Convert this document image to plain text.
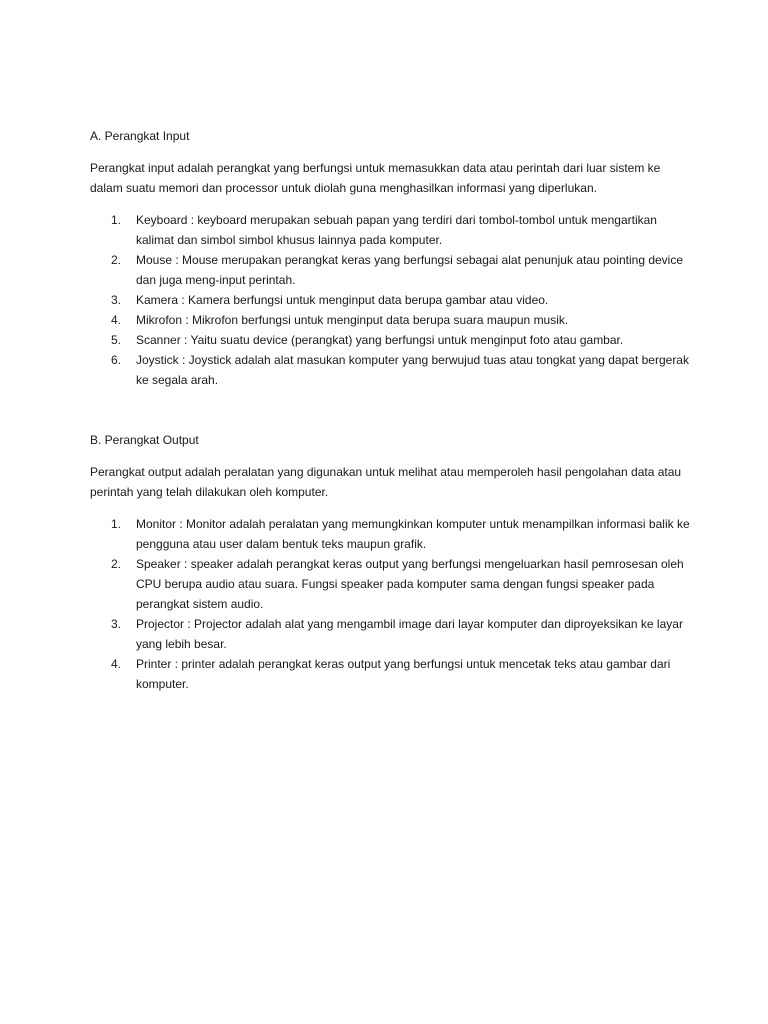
A. Perangkat Input

Perangkat input adalah perangkat yang berfungsi untuk memasukkan data atau perintah dari luar sistem ke dalam suatu memori dan processor untuk diolah guna menghasilkan informasi yang diperlukan.

1. Keyboard : keyboard merupakan sebuah papan yang terdiri dari tombol-tombol untuk mengartikan kalimat dan simbol simbol khusus lainnya pada komputer.
2. Mouse : Mouse merupakan perangkat keras yang berfungsi sebagai alat penunjuk atau pointing device dan juga meng-input perintah.
3. Kamera : Kamera berfungsi untuk menginput data berupa gambar atau video.
4. Mikrofon : Mikrofon berfungsi untuk menginput data berupa suara maupun musik.
5. Scanner : Yaitu suatu device (perangkat) yang berfungsi untuk menginput foto atau gambar.
6. Joystick : Joystick adalah alat masukan komputer yang berwujud tuas atau tongkat yang dapat bergerak ke segala arah.

B. Perangkat Output

Perangkat output adalah peralatan yang digunakan untuk melihat atau memperoleh hasil pengolahan data atau perintah yang telah dilakukan oleh komputer.

1. Monitor : Monitor adalah peralatan yang memungkinkan komputer untuk menampilkan informasi balik ke pengguna atau user dalam bentuk teks maupun grafik.
2. Speaker : speaker adalah perangkat keras output yang berfungsi mengeluarkan hasil pemrosesan oleh CPU berupa audio atau suara. Fungsi speaker pada komputer sama dengan fungsi speaker pada perangkat sistem audio.
3. Projector : Projector adalah alat yang mengambil image dari layar komputer dan diproyeksikan ke layar yang lebih besar.
4. Printer : printer adalah perangkat keras output yang berfungsi untuk mencetak teks atau gambar dari komputer.
